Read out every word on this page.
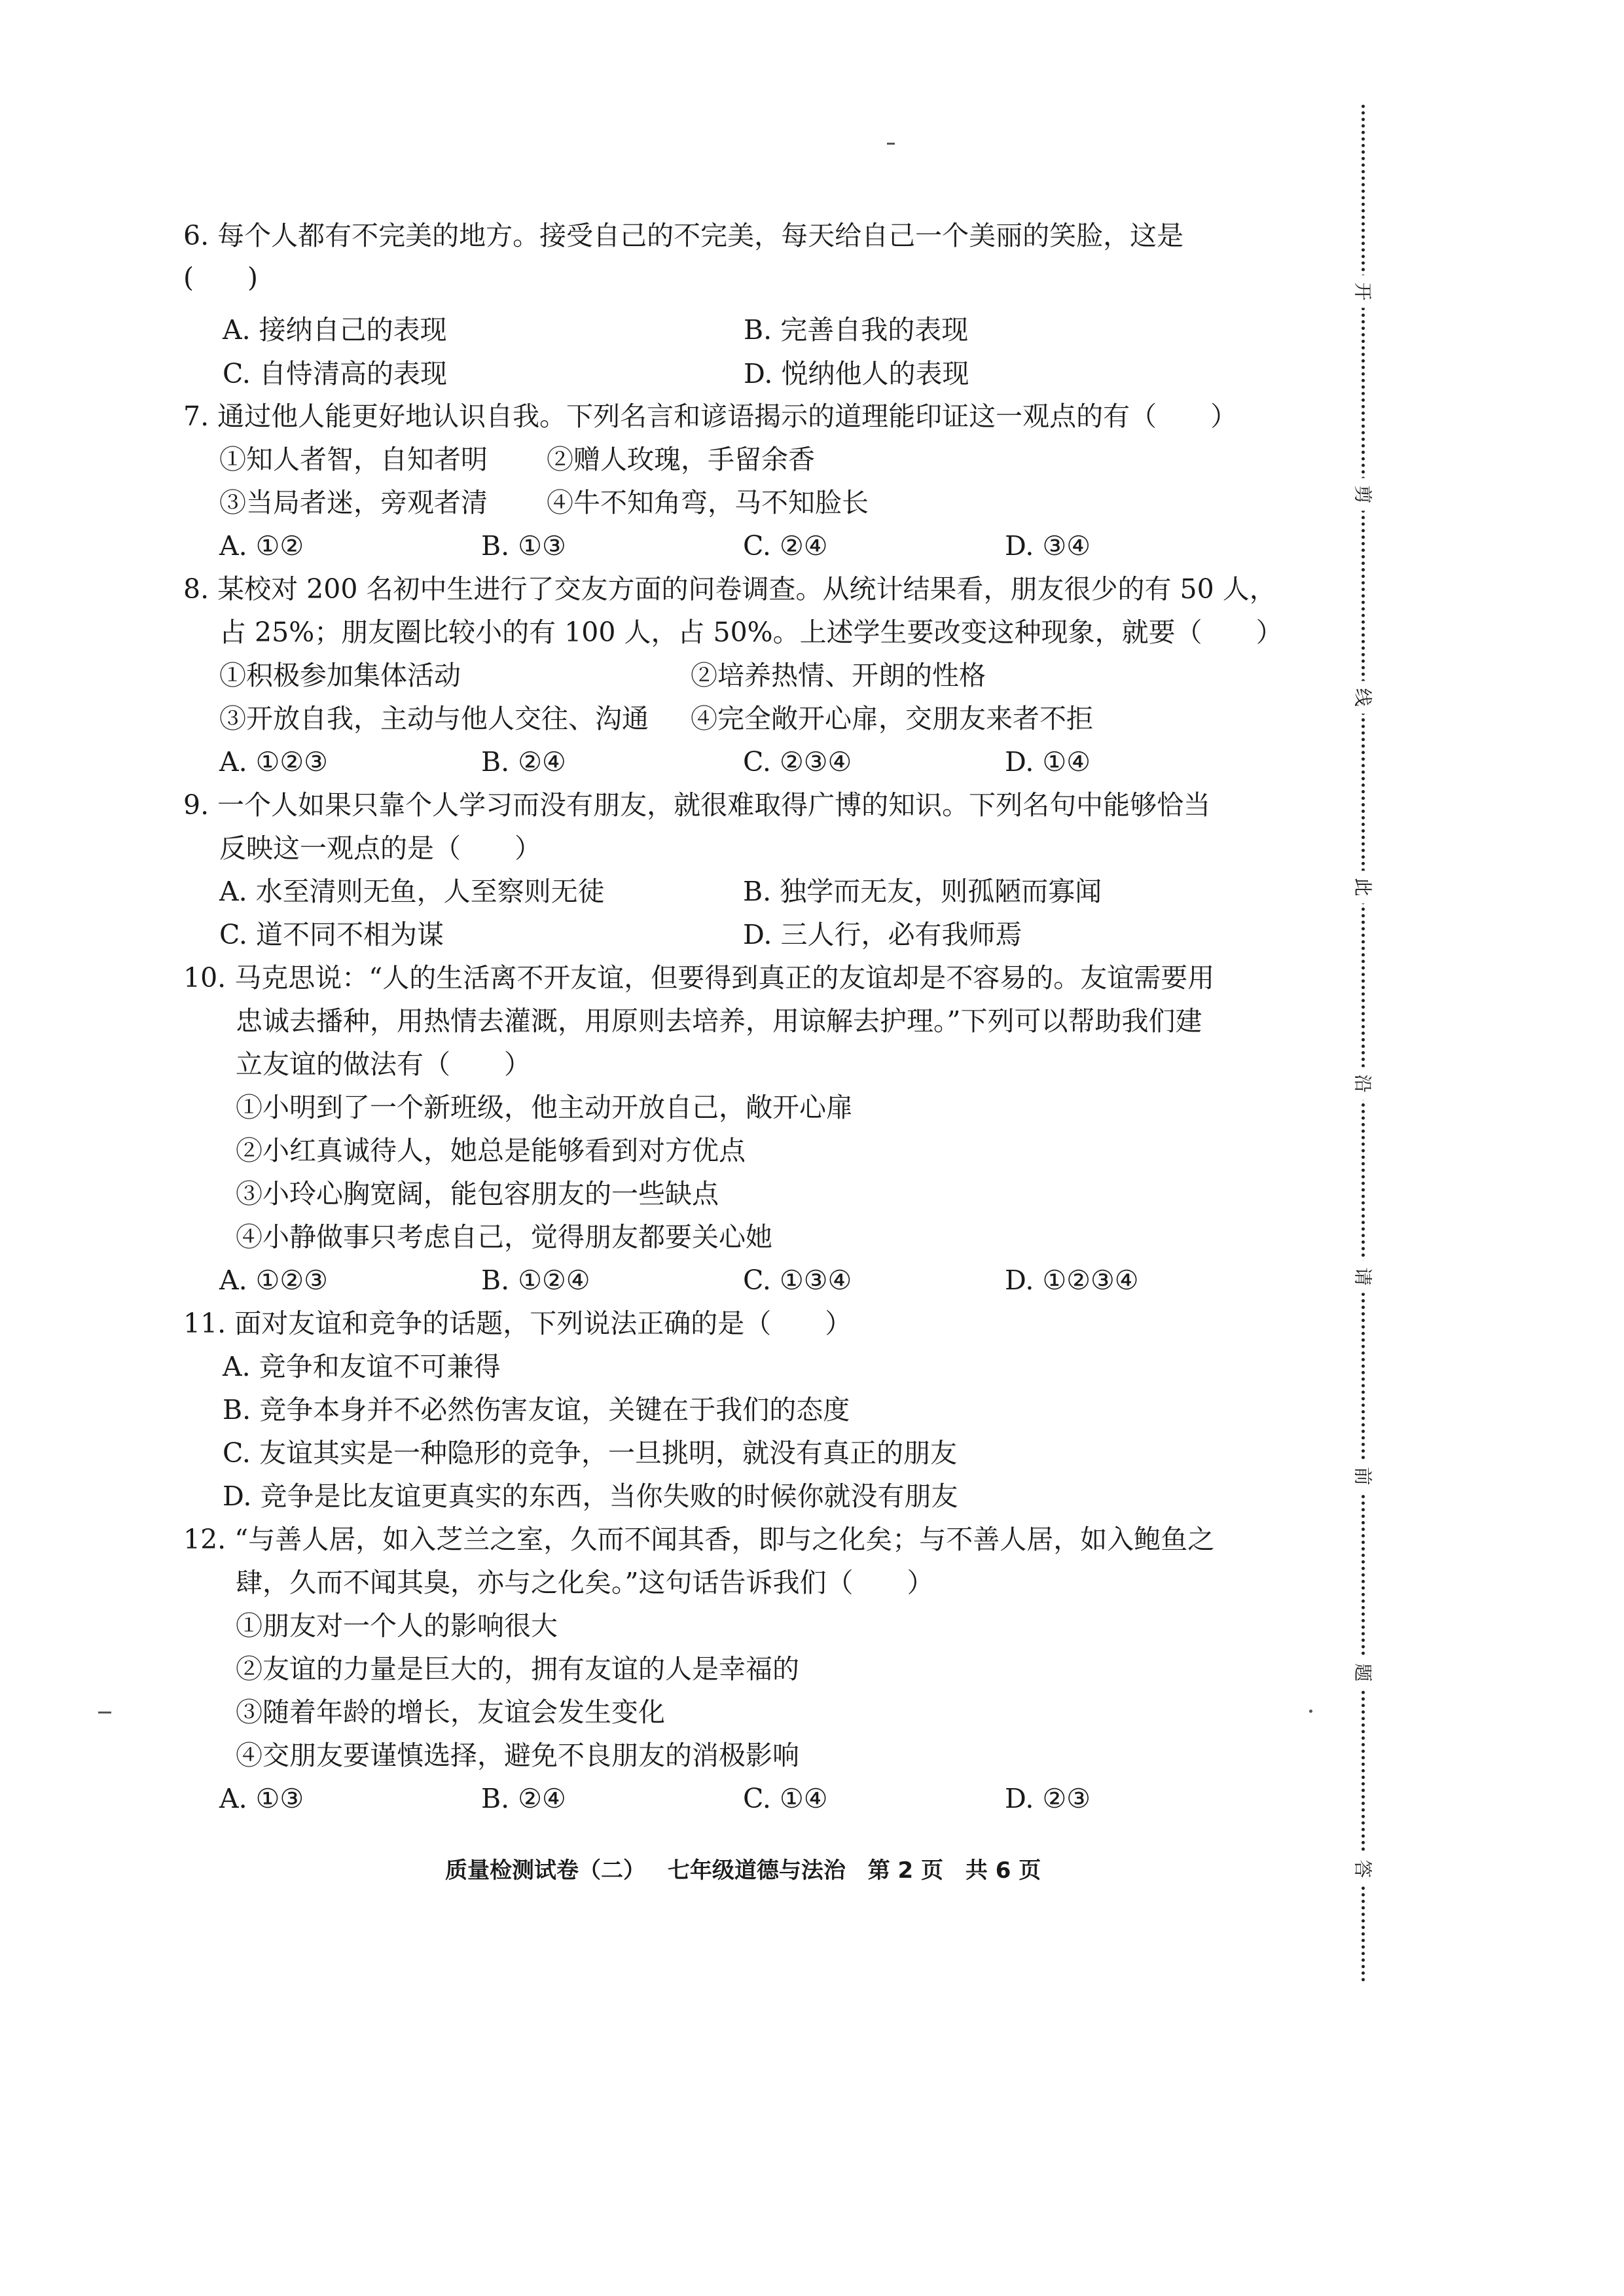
6. 每个人都有不完美的地方。接受自己的不完美，每天给自己一个美丽的笑脸，这是
(　　)
A. 接纳自己的表现	B. 完善自我的表现
C. 自恃清高的表现	D. 悦纳他人的表现
7. 通过他人能更好地认识自我。下列名言和谚语揭示的道理能印证这一观点的有（　　）
①知人者智，自知者明 ②赠人玫瑰，手留余香
③当局者迷，旁观者清 ④牛不知角弯，马不知脸长
A. ①②	B. ①③	C. ②④	D. ③④
8. 某校对 200 名初中生进行了交友方面的问卷调查。从统计结果看，朋友很少的有 50 人，
占 25%；朋友圈比较小的有 100 人，占 50%。上述学生要改变这种现象，就要（　　）
①积极参加集体活动	②培养热情、开朗的性格
③开放自我，主动与他人交往、沟通 ④完全敞开心扉，交朋友来者不拒
A. ①②③	B. ②④	C. ②③④	D. ①④
9. 一个人如果只靠个人学习而没有朋友，就很难取得广博的知识。下列名句中能够恰当
反映这一观点的是（　　）
A. 水至清则无鱼，人至察则无徒	B. 独学而无友，则孤陋而寡闻
C. 道不同不相为谋	D. 三人行，必有我师焉
10. 马克思说：“人的生活离不开友谊，但要得到真正的友谊却是不容易的。友谊需要用
忠诚去播种，用热情去灌溉，用原则去培养，用谅解去护理。”下列可以帮助我们建
立友谊的做法有（　　）
①小明到了一个新班级，他主动开放自己，敞开心扉
②小红真诚待人，她总是能够看到对方优点
③小玲心胸宽阔，能包容朋友的一些缺点
④小静做事只考虑自己，觉得朋友都要关心她
A. ①②③	B. ①②④	C. ①③④	D. ①②③④
11. 面对友谊和竞争的话题，下列说法正确的是（　　）
A. 竞争和友谊不可兼得
B. 竞争本身并不必然伤害友谊，关键在于我们的态度
C. 友谊其实是一种隐形的竞争，一旦挑明，就没有真正的朋友
D. 竞争是比友谊更真实的东西，当你失败的时候你就没有朋友
12. “与善人居，如入芝兰之室，久而不闻其香，即与之化矣；与不善人居，如入鲍鱼之
肆，久而不闻其臭，亦与之化矣。”这句话告诉我们（　　）
①朋友对一个人的影响很大
②友谊的力量是巨大的，拥有友谊的人是幸福的
③随着年龄的增长，友谊会发生变化
④交朋友要谨慎选择，避免不良朋友的消极影响
A. ①③	B. ②④	C. ①④	D. ②③
质量检测试卷（二） 七年级道德与法治 第 2 页 共 6 页
开
剪
线
此
沿
请
前
题
答
